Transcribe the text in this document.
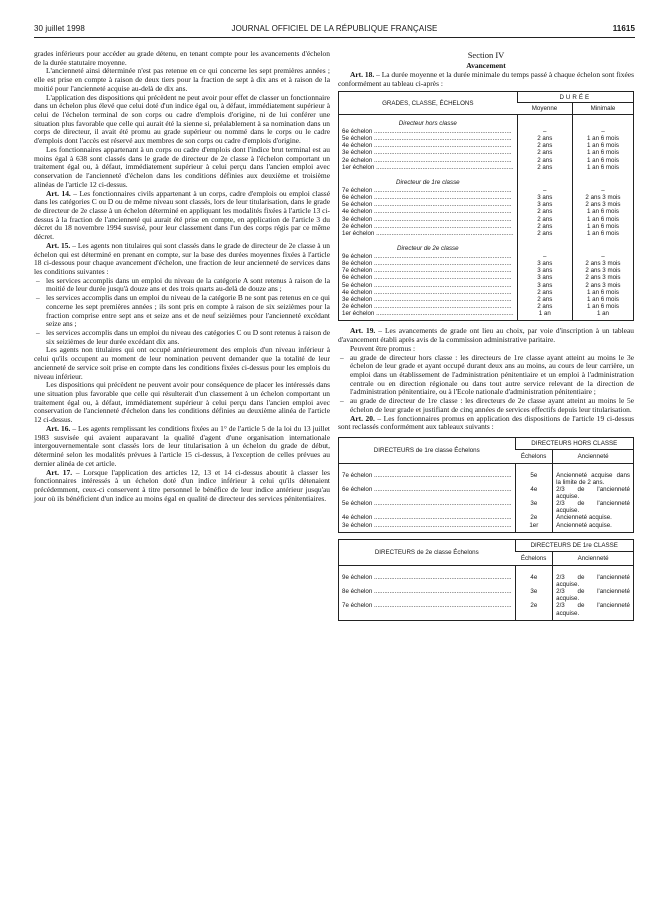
30 juillet 1998	JOURNAL OFFICIEL DE LA RÉPUBLIQUE FRANÇAISE	11615

grades inférieurs pour accéder au grade détenu, en tenant compte pour les avancements d'échelon de la durée statutaire moyenne.

L'ancienneté ainsi déterminée n'est pas retenue en ce qui concerne les sept premières années ; elle est prise en compte à raison de deux tiers pour la fraction de sept à dix ans et à raison de la moitié pour l'ancienneté acquise au-delà de dix ans.

L'application des dispositions qui précèdent ne peut avoir pour effet de classer un fonctionnaire dans un échelon plus élevé que celui doté d'un indice égal ou, à défaut, immédiatement supérieur à celui de l'échelon terminal de son corps ou cadre d'emplois d'origine, ni de lui conférer une situation plus favorable que celle qui aurait été la sienne si, préalablement à sa nomination dans un corps de directeur, il avait été promu au grade supérieur ou nommé dans le corps ou le cadre d'emplois dont l'accès est réservé aux membres de son corps ou cadre d'emplois d'origine.

Les fonctionnaires appartenant à un corps ou cadre d'emplois dont l'indice brut terminal est au moins égal à 638 sont classés dans le grade de directeur de 2e classe à l'échelon comportant un traitement égal ou, à défaut, immédiatement supérieur à celui perçu dans l'ancien emploi avec conservation de l'ancienneté d'échelon dans les conditions définies aux deuxième et troisième alinéas de l'article 12 ci-dessus.

Art. 14. – Les fonctionnaires civils appartenant à un corps, cadre d'emplois ou emploi classé dans les catégories C ou D ou de même niveau sont classés, lors de leur titularisation, dans le grade de directeur de 2e classe à un échelon déterminé en appliquant les modalités fixées à l'article 13 ci-dessus à la fraction de l'ancienneté qui aurait été prise en compte, en application de l'article 3 du décret du 18 novembre 1994 susvisé, pour leur classement dans l'un des corps régis par ce même décret.

Art. 15. – Les agents non titulaires qui sont classés dans le grade de directeur de 2e classe à un échelon qui est déterminé en prenant en compte, sur la base des durées moyennes fixées à l'article 18 ci-dessous pour chaque avancement d'échelon, une fraction de leur ancienneté de services dans les conditions suivantes :

– les services accomplis dans un emploi du niveau de la catégorie A sont retenus à raison de la moitié de leur durée jusqu'à douze ans et des trois quarts au-delà de douze ans ;

– les services accomplis dans un emploi du niveau de la catégorie B ne sont pas retenus en ce qui concerne les sept premières années ; ils sont pris en compte à raison de six seizièmes pour la fraction comprise entre sept ans et seize ans et de neuf seizièmes pour l'ancienneté excédant seize ans ;

– les services accomplis dans un emploi du niveau des catégories C ou D sont retenus à raison de six seizièmes de leur durée excédant dix ans.

Les agents non titulaires qui ont occupé antérieurement des emplois d'un niveau inférieur à celui qu'ils occupent au moment de leur nomination peuvent demander que la totalité de leur ancienneté de service soit prise en compte dans les conditions fixées ci-dessus pour les emplois du niveau inférieur.

Les dispositions qui précèdent ne peuvent avoir pour conséquence de placer les intéressés dans une situation plus favorable que celle qui résulterait d'un classement à un échelon comportant un traitement égal ou, à défaut, immédiatement supérieur à celui perçu dans l'ancien emploi avec conservation de l'ancienneté d'échelon dans les conditions définies au deuxième alinéa de l'article 12 ci-dessus.

Art. 16. – Les agents remplissant les conditions fixées au 1° de l'article 5 de la loi du 13 juillet 1983 susvisée qui avaient auparavant la qualité d'agent d'une organisation internationale intergouvernementale sont classés lors de leur titularisation à un échelon du grade de début, déterminé selon les modalités prévues à l'article 15 ci-dessus, à l'exception de celles prévues au dernier alinéa de cet article.

Art. 17. – Lorsque l'application des articles 12, 13 et 14 ci-dessus aboutit à classer les fonctionnaires intéressés à un échelon doté d'un indice inférieur à celui qu'ils détenaient précédemment, ceux-ci conservent à titre personnel le bénéfice de leur indice antérieur jusqu'au jour où ils bénéficient d'un indice au moins égal en qualité de directeur des services pénitentiaires.

Section IV
Avancement

Art. 18. – La durée moyenne et la durée minimale du temps passé à chaque échelon sont fixées conformément au tableau ci-après :

GRADES, CLASSE, ÉCHELONS	DURÉE	
	Moyenne	Minimale
Directeur hors classe		
6e échelon .....	–	–
5e échelon .....	2 ans	1 an 6 mois
4e échelon .....	2 ans	1 an 6 mois
3e échelon .....	2 ans	1 an 6 mois
2e échelon .....	2 ans	1 an 6 mois
1er échelon .....	2 ans	1 an 6 mois
Directeur de 1re classe		
7e échelon .....	–	–
6e échelon .....	3 ans	2 ans 3 mois
5e échelon .....	3 ans	2 ans 3 mois
4e échelon .....	2 ans	1 an 6 mois
3e échelon .....	2 ans	1 an 6 mois
2e échelon .....	2 ans	1 an 6 mois
1er échelon .....	2 ans	1 an 6 mois
Directeur de 2e classe		
9e échelon .....	–	–
8e échelon .....	3 ans	2 ans 3 mois
7e échelon .....	3 ans	2 ans 3 mois
6e échelon .....	3 ans	2 ans 3 mois
5e échelon .....	3 ans	2 ans 3 mois
4e échelon .....	2 ans	1 an 6 mois
3e échelon .....	2 ans	1 an 6 mois
2e échelon .....	2 ans	1 an 6 mois
1er échelon .....	1 an	1 an

Art. 19. – Les avancements de grade ont lieu au choix, par voie d'inscription à un tableau d'avancement établi après avis de la commission administrative paritaire.

Peuvent être promus :

– au grade de directeur hors classe : les directeurs de 1re classe ayant atteint au moins le 3e échelon de leur grade et ayant occupé durant deux ans au moins, au cours de leur carrière, un emploi dans un établissement de l'administration pénitentiaire et un emploi à l'administration centrale ou en direction régionale ou dans tout autre service relevant de la direction de l'administration pénitentiaire, ou à l'Ecole nationale d'administration pénitentiaire ;

– au grade de directeur de 1re classe : les directeurs de 2e classe ayant atteint au moins le 5e échelon de leur grade et justifiant de cinq années de services effectifs depuis leur titularisation.

Art. 20. – Les fonctionnaires promus en application des dispositions de l'article 19 ci-dessus sont reclassés conformément aux tableaux suivants :

DIRECTEURS de 1re classe Échelons	DIRECTEURS HORS CLASSE	
	Échelons	Ancienneté

7e échelon .....	5e	Ancienneté acquise dans la limite de 2 ans.
6e échelon .....	4e	2/3 de l'ancienneté acquise.
5e échelon .....	3e	2/3 de l'ancienneté acquise.
4e échelon .....	2e	Ancienneté acquise.
3e échelon .....	1er	Ancienneté acquise.

DIRECTEURS de 2e classe Échelons	DIRECTEURS DE 1re CLASSE	
	Échelons	Ancienneté

9e échelon .....	4e	2/3 de l'ancienneté acquise.
8e échelon .....	3e	2/3 de l'ancienneté acquise.
7e échelon .....	2e	2/3 de l'ancienneté acquise.
